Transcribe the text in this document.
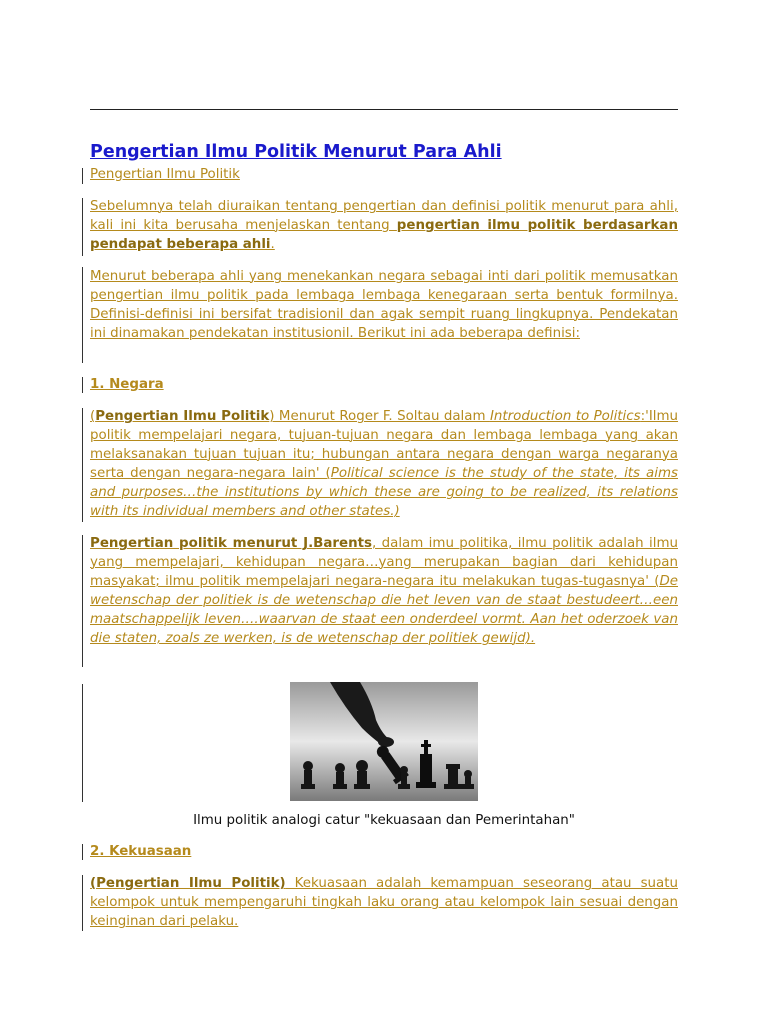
Pengertian Ilmu Politik Menurut Para Ahli

Pengertian Ilmu Politik

Sebelumnya telah diuraikan tentang pengertian dan definisi politik menurut para ahli, kali ini kita berusaha menjelaskan tentang pengertian ilmu politik berdasarkan pendapat beberapa ahli.

Menurut beberapa ahli yang menekankan negara sebagai inti dari politik memusatkan pengertian ilmu politik pada lembaga lembaga kenegaraan serta bentuk formilnya. Definisi-definisi ini bersifat tradisionil dan agak sempit ruang lingkupnya. Pendekatan ini dinamakan pendekatan institusionil. Berikut ini ada beberapa definisi:

1. Negara

(Pengertian Ilmu Politik) Menurut Roger F. Soltau dalam Introduction to Politics:'Ilmu politik mempelajari negara, tujuan-tujuan negara dan lembaga lembaga yang akan melaksanakan tujuan tujuan itu; hubungan antara negara dengan warga negaranya serta dengan negara-negara lain' (Political science is the study of the state, its aims and purposes…the institutions by which these are going to be realized, its relations with its individual members and other states.)

Pengertian politik menurut J.Barents, dalam imu politika, ilmu politik adalah ilmu yang mempelajari, kehidupan negara…yang merupakan bagian dari kehidupan masyakat; ilmu politik mempelajari negara-negara itu melakukan tugas-tugasnya' (De wetenschap der politiek is de wetenschap die het leven van de staat bestudeert…een maatschappelijk leven….waarvan de staat een onderdeel vormt. Aan het oderzoek van die staten, zoals ze werken, is de wetenschap der politiek gewijd).

Ilmu politik analogi catur "kekuasaan dan Pemerintahan"

2. Kekuasaan

(Pengertian Ilmu Politik) Kekuasaan adalah kemampuan seseorang atau suatu kelompok untuk mempengaruhi tingkah laku orang atau kelompok lain sesuai dengan keinginan dari pelaku.
